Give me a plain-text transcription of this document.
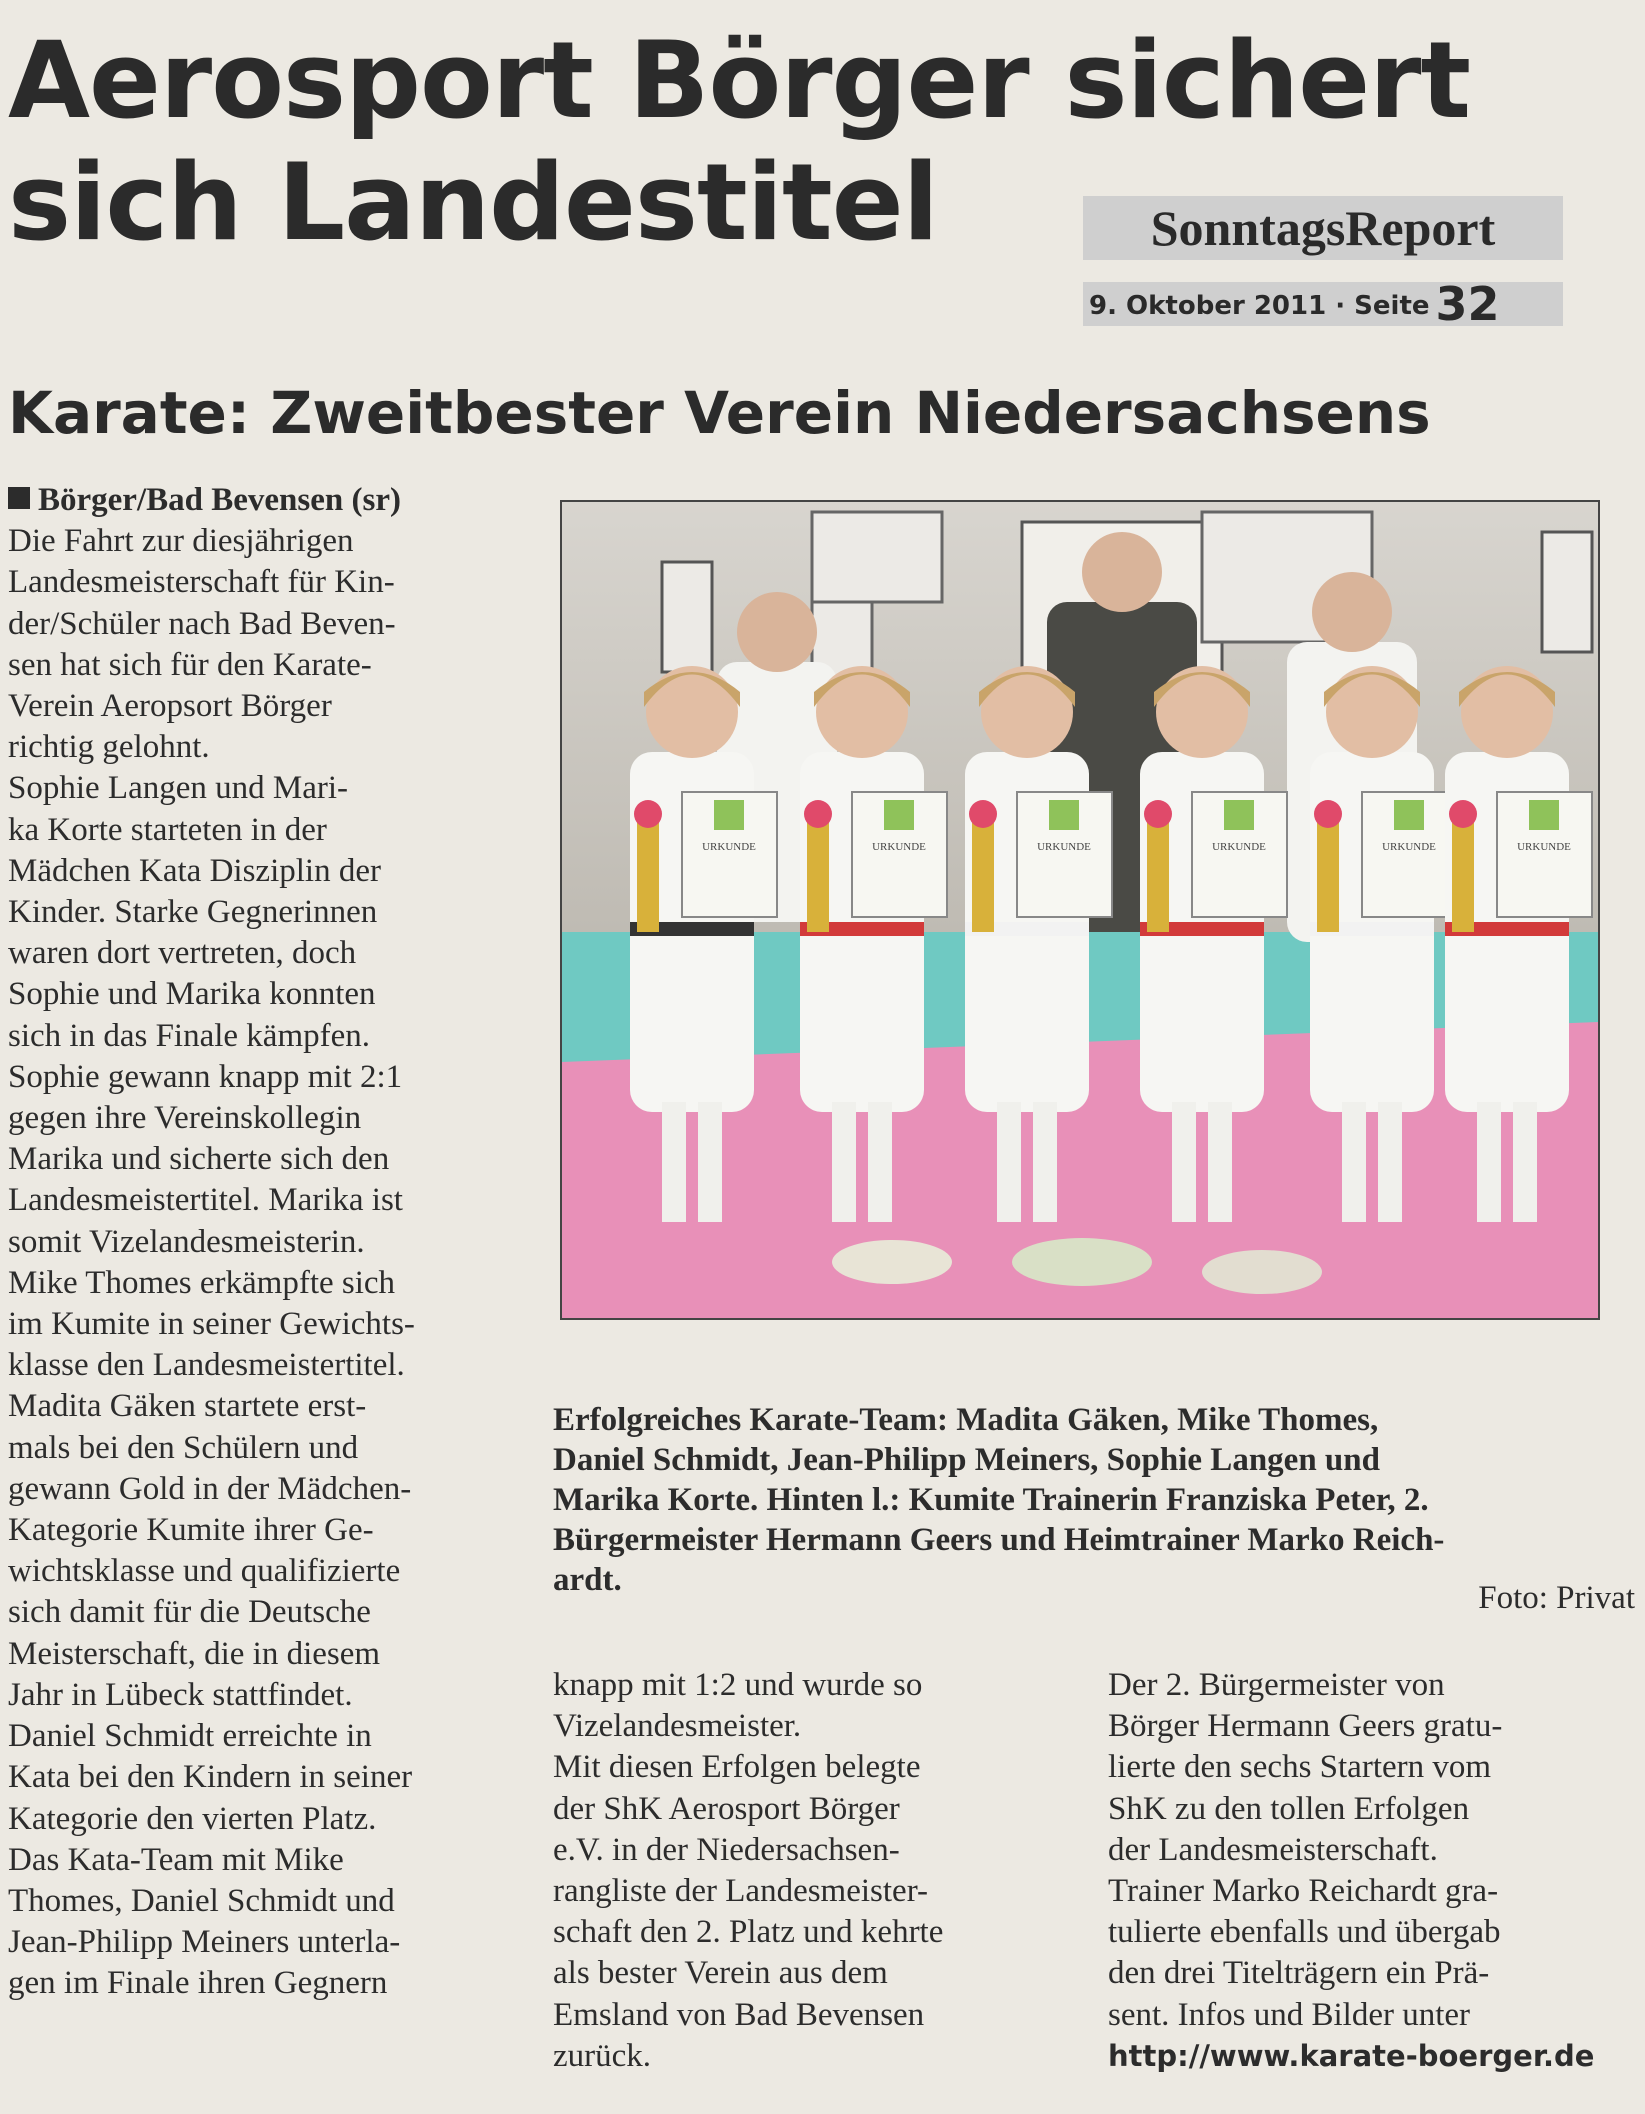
Aerosport Börger sichert
sich Landestitel	SonntagsReport
9. Oktober 2011 · Seite 32
Karate: Zweitbester Verein Niedersachsens
Börger/Bad Bevensen (sr)
Die Fahrt zur diesjährigen
Landesmeisterschaft für Kin-
der/Schüler nach Bad Beven-
sen hat sich für den Karate-
Verein Aeropsort Börger
richtig gelohnt.
Sophie Langen und Mari-
ka Korte starteten in der
Mädchen Kata Disziplin der
Kinder. Starke Gegnerinnen
waren dort vertreten, doch
Sophie und Marika konnten
sich in das Finale kämpfen.
Sophie gewann knapp mit 2:1
gegen ihre Vereinskollegin
Marika und sicherte sich den
Landesmeistertitel. Marika ist
somit Vizelandesmeisterin.
Mike Thomes erkämpfte sich
im Kumite in seiner Gewichts-
klasse den Landesmeistertitel.
Madita Gäken startete erst-
mals bei den Schülern und
gewann Gold in der Mädchen-
Kategorie Kumite ihrer Ge-
wichtsklasse und qualifizierte
sich damit für die Deutsche
Meisterschaft, die in diesem
Jahr in Lübeck stattfindet.
Daniel Schmidt erreichte in
Kata bei den Kindern in seiner
Kategorie den vierten Platz.
Das Kata-Team mit Mike
Thomes, Daniel Schmidt und
Jean-Philipp Meiners unterla-
gen im Finale ihren Gegnern
URKUNDE	URKUNDE	URKUNDE	URKUNDE	URKUNDE	URKUNDE
Erfolgreiches Karate-Team: Madita Gäken, Mike Thomes,
Daniel Schmidt, Jean-Philipp Meiners, Sophie Langen und
Marika Korte. Hinten l.: Kumite Trainerin Franziska Peter, 2.
Bürgermeister Hermann Geers und Heimtrainer Marko Reich-
ardt.	Foto: Privat
knapp mit 1:2 und wurde so
Vizelandesmeister.
Mit diesen Erfolgen belegte
der ShK Aerosport Börger
e.V. in der Niedersachsen-
rangliste der Landesmeister-
schaft den 2. Platz und kehrte
als bester Verein aus dem
Emsland von Bad Bevensen
zurück.
Der 2. Bürgermeister von
Börger Hermann Geers gratu-
lierte den sechs Startern vom
ShK zu den tollen Erfolgen
der Landesmeisterschaft.
Trainer Marko Reichardt gra-
tulierte ebenfalls und übergab
den drei Titelträgern ein Prä-
sent. Infos und Bilder unter
http://www.karate-boerger.de
